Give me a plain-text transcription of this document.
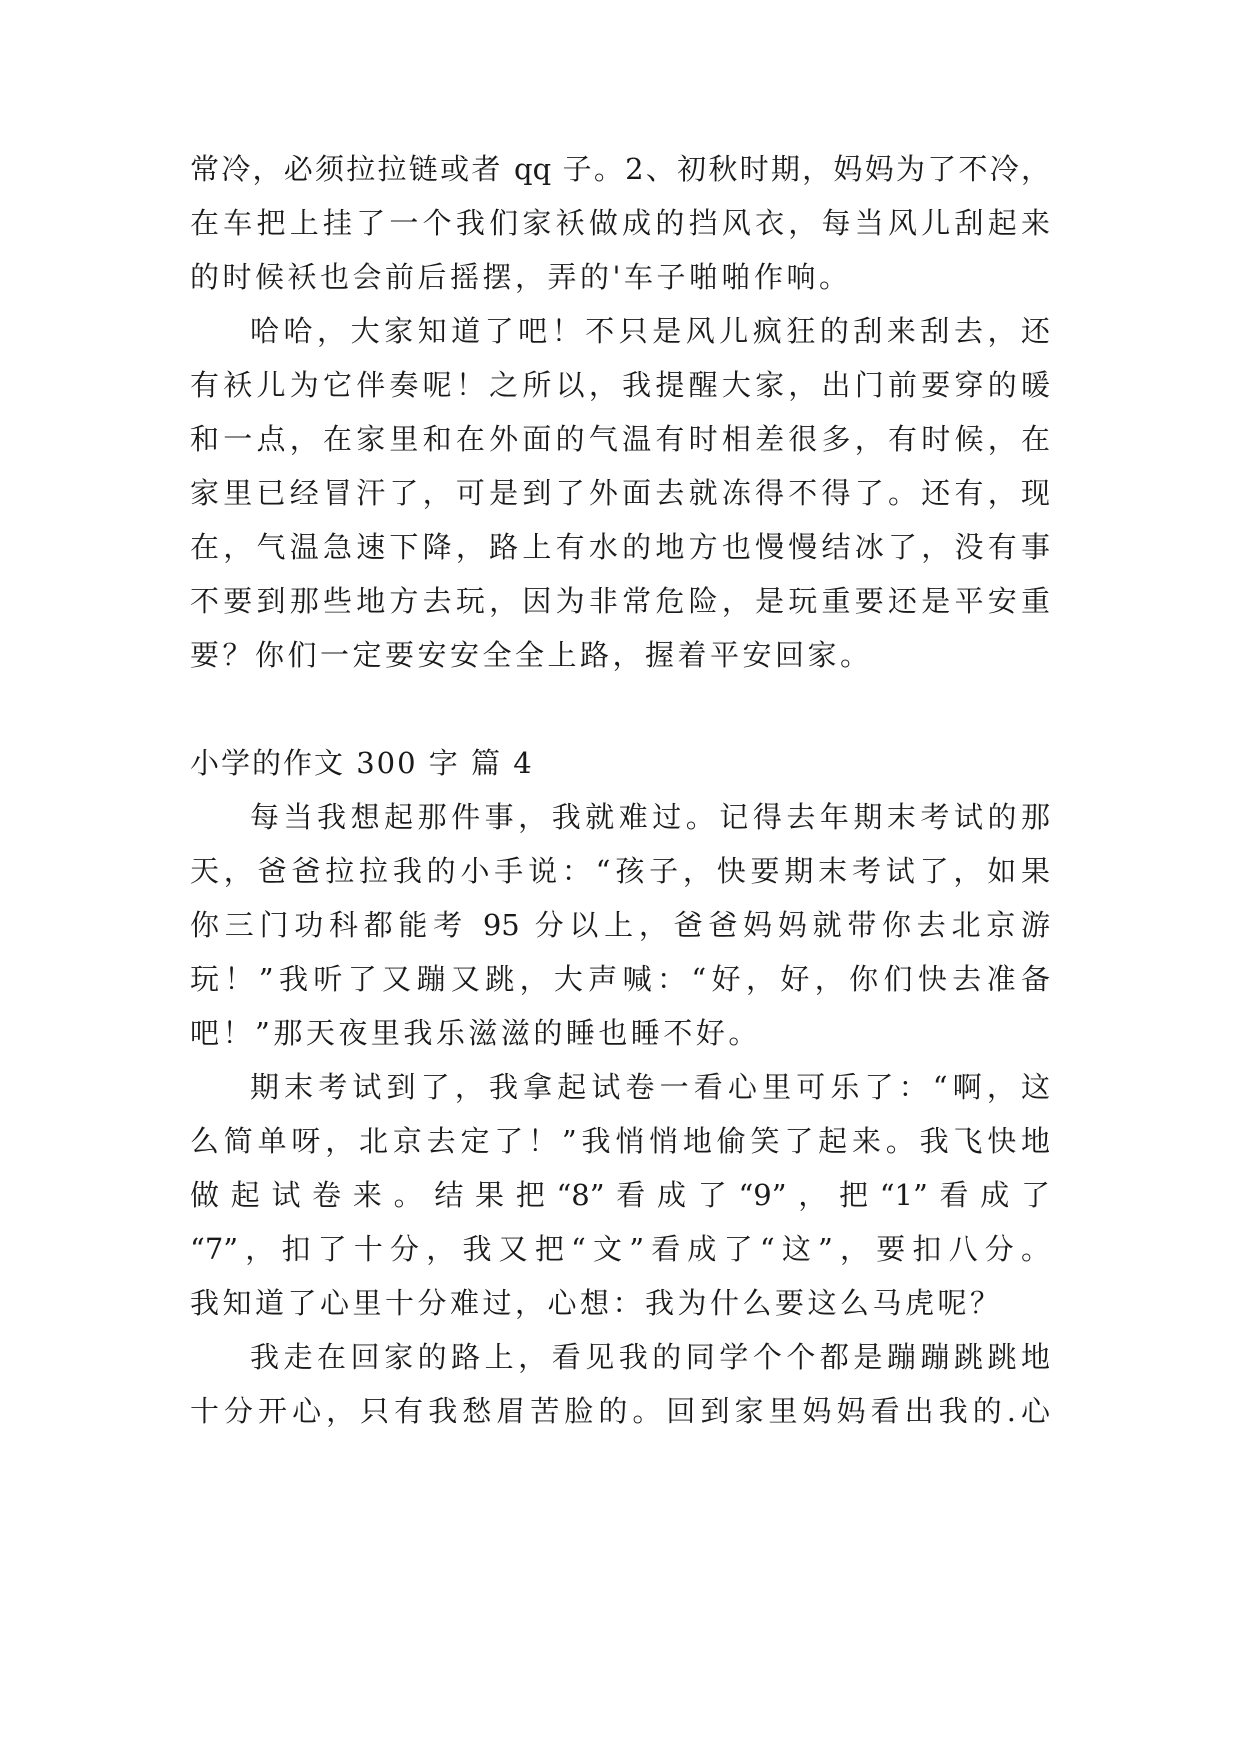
常冷，必须拉拉链或者 qq 子。2、初秋时期，妈妈为了不冷，
在车把上挂了一个我们家袄做成的挡风衣，每当风儿刮起来
的时候袄也会前后摇摆，弄的'车子啪啪作响。
哈哈，大家知道了吧！不只是风儿疯狂的刮来刮去，还
有袄儿为它伴奏呢！之所以，我提醒大家，出门前要穿的暖
和一点，在家里和在外面的气温有时相差很多，有时候，在
家里已经冒汗了，可是到了外面去就冻得不得了。还有，现
在，气温急速下降，路上有水的地方也慢慢结冰了，没有事
不要到那些地方去玩，因为非常危险，是玩重要还是平安重
要？你们一定要安安全全上路，握着平安回家。
小学的作文 300 字 篇 4
每当我想起那件事，我就难过。记得去年期末考试的那
天，爸爸拉拉我的小手说：“孩子，快要期末考试了，如果
你三门功科都能考 95 分以上，爸爸妈妈就带你去北京游
玩！”我听了又蹦又跳，大声喊：“好，好，你们快去准备
吧！”那天夜里我乐滋滋的睡也睡不好。
期末考试到了，我拿起试卷一看心里可乐了：“啊，这
么简单呀，北京去定了！”我悄悄地偷笑了起来。我飞快地
做起试卷来。结果把“8”看成了“9”，把“1”看成了
“7”，扣了十分，我又把“文”看成了“这”，要扣八分。
我知道了心里十分难过，心想：我为什么要这么马虎呢？
我走在回家的路上，看见我的同学个个都是蹦蹦跳跳地
十分开心，只有我愁眉苦脸的。回到家里妈妈看出我的.心
